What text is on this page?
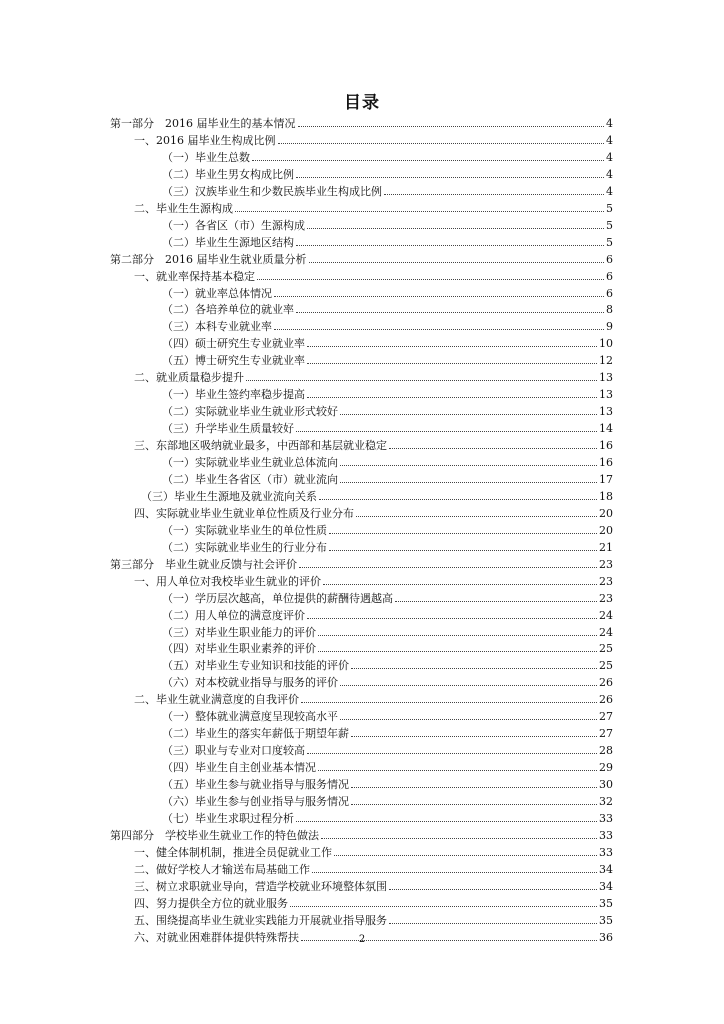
目录
第一部分　2016 届毕业生的基本情况	4
一、2016 届毕业生构成比例	4
（一）毕业生总数	4
（二）毕业生男女构成比例	4
（三）汉族毕业生和少数民族毕业生构成比例	4
二、毕业生生源构成	5
（一）各省区（市）生源构成	5
（二）毕业生生源地区结构	5
第二部分　2016 届毕业生就业质量分析	6
一、就业率保持基本稳定	6
（一）就业率总体情况	6
（二）各培养单位的就业率	8
（三）本科专业就业率	9
（四）硕士研究生专业就业率	10
（五）博士研究生专业就业率	12
二、就业质量稳步提升	13
（一）毕业生签约率稳步提高	13
（二）实际就业毕业生就业形式较好	13
（三）升学毕业生质量较好	14
三、东部地区吸纳就业最多，中西部和基层就业稳定	16
（一）实际就业毕业生就业总体流向	16
（二）毕业生各省区（市）就业流向	17
（三）毕业生生源地及就业流向关系	18
四、实际就业毕业生就业单位性质及行业分布	20
（一）实际就业毕业生的单位性质	20
（二）实际就业毕业生的行业分布	21
第三部分　毕业生就业反馈与社会评价	23
一、用人单位对我校毕业生就业的评价	23
（一）学历层次越高，单位提供的薪酬待遇越高	23
（二）用人单位的满意度评价	24
（三）对毕业生职业能力的评价	24
（四）对毕业生职业素养的评价	25
（五）对毕业生专业知识和技能的评价	25
（六）对本校就业指导与服务的评价	26
二、毕业生就业满意度的自我评价	26
（一）整体就业满意度呈现较高水平	27
（二）毕业生的落实年薪低于期望年薪	27
（三）职业与专业对口度较高	28
（四）毕业生自主创业基本情况	29
（五）毕业生参与就业指导与服务情况	30
（六）毕业生参与创业指导与服务情况	32
（七）毕业生求职过程分析	33
第四部分　学校毕业生就业工作的特色做法	33
一、健全体制机制，推进全员促就业工作	33
二、做好学校人才输送布局基础工作	34
三、树立求职就业导向，营造学校就业环境整体氛围	34
四、努力提供全方位的就业服务	35
五、围绕提高毕业生就业实践能力开展就业指导服务	35
六、对就业困难群体提供特殊帮扶	36
2
